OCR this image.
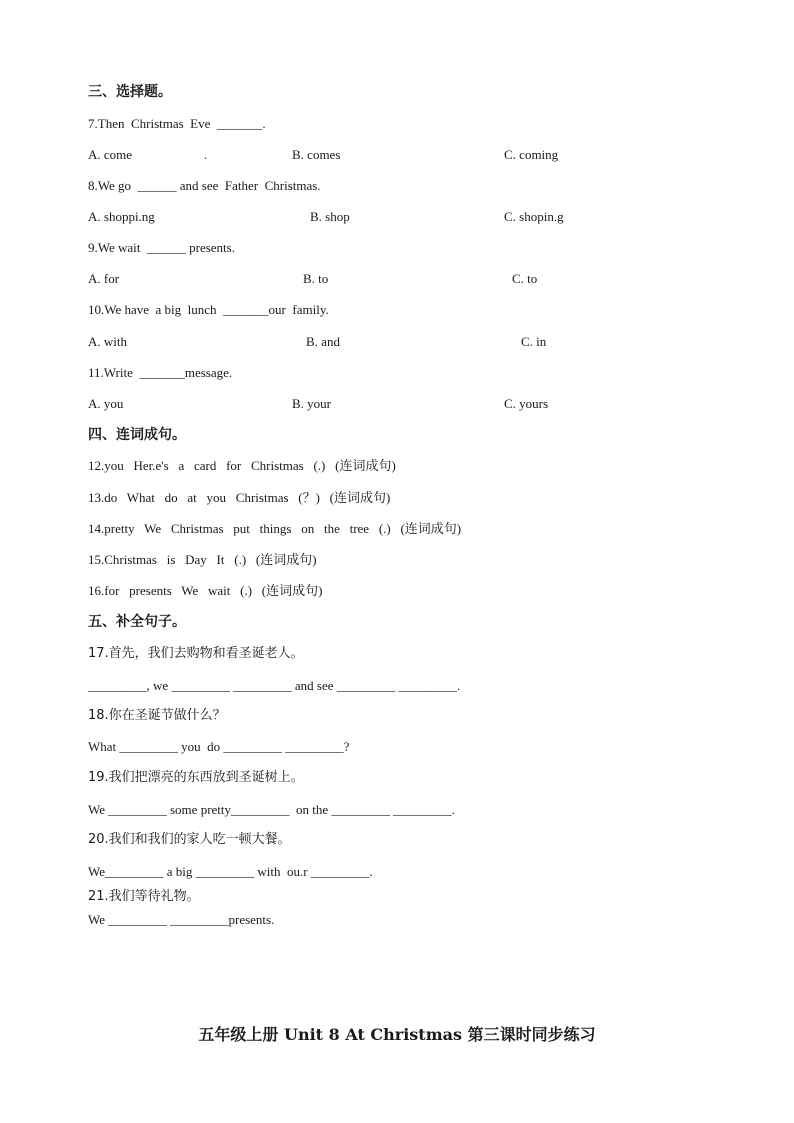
三、选择题。
7.Then  Christmas  Eve  _______.
A. come	.	B. comes	C. coming
8.We go  ______ and see  Father  Christmas.
A. shoppi.ng	B. shop	C. shopin.g
9.We wait  ______ presents.
A. for	B. to	C. to
10.We have  a big  lunch  _______our  family.
A. with	B. and	C. in
11.Write  _______message.
A. you	B. your	C. yours
四、连词成句。
12.you   Her.e's   a   card   for   Christmas   (.)   (连词成句)
13.do   What   do   at   you   Christmas   (？)   (连词成句)
14.pretty   We   Christmas   put   things   on   the   tree   (.)   (连词成句)
15.Christmas   is   Day   It   (.)   (连词成句)
16.for   presents   We   wait   (.)   (连词成句)
五、补全句子。
17.首先，我们去购物和看圣诞老人。
_________, we _________ _________ and see _________ _________.
18.你在圣诞节做什么？
What _________ you  do _________ _________?
19.我们把漂亮的东西放到圣诞树上。
We _________ some pretty_________  on the _________ _________.
20.我们和我们的家人吃一顿大餐。
We_________ a big _________ with  ou.r _________.
21.我们等待礼物。
We _________ _________presents.
五年级上册 Unit 8 At Christmas 第三课时同步练习
